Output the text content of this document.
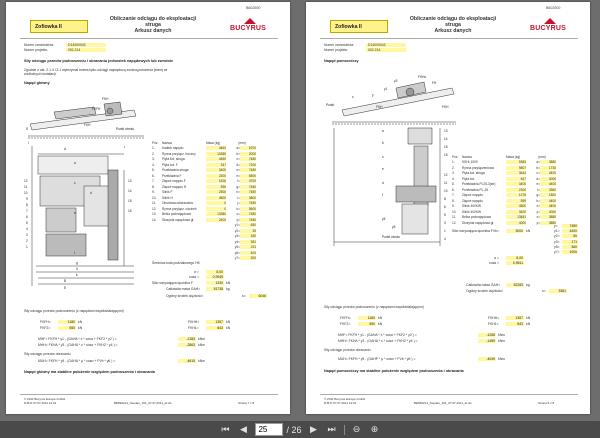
B602500
Zofiowka II
Obliczanie odciągu do eksploatacji
struga
Arkusz danych	BUCYRUS
Numer zamówienia:	D14000043
Numer projektu:	002.214
Siły odciągu przeciw podnoszeniu i obracaniu jednostek napędowych lub zwrotnic
Zgodnie z ust. 2.1.4 i 3.1 wybrzymał trzeba tylko odciągi największą zmianą położenia jednej ze wzdłużnych instalacji:
Napęd główny
FKH
FKH
FKFH
Punkt obrotu
S
A
B
E
l
r
a
c
d
e
f
g
h
k
12
11
10
9
8
7
6
5
4
3
2
1
13
14
15
16
Poz.	Nazwa	Masa (kg)	(mm)
1.	Kadłub napędu	4460	a=	6700
2.	Rynna przyłącz. boczny	10385	b=	2000
3.	Płyta kol. struga	4460	c=	7480
4.	Płyta kol. F	347	d=	7200
5.	Przekładnia struga	3400	e=	7480
6.	Przekładnia F	2300	e=	6500
7.	Złącze napędu F	1626	f=	4700
8.	Złącze napędu H	595	g=	7480
9.	Silnik F	2500	h=	7480
10.	Silnik H	4500	i=	3800
11.	Obudowa odwracalna	0	j=	7480
12.	Rynna przyłącz. odcinek	0	k=	5600
13.	Belka podnapędowa	13380	x=	7480
14.	Skrzynia napędowa gł.	2400	y=	7480
y1=	650
y2=	35
y3=	180
y4=	381
y5=	231
y6=	400
y7=	300
Średnica koła podziałowego HK
α =	8,00
cosα =	0,9945
Siła rozrywająca łącznika F	1330 kN
Całkowita masa GAH=	51738 kg
Ogólny środek ciężkości	s=	6046
Siły odciągu przeciw podnoszeniu (z napędami współdziałającymi)
Siły odciągu przeciw obracaniu
MUH= FKFH * y5 - (GAHA * μ * cosα + FVb * y6 ) =	-4615 kNm
Napęd główny ma stabilne położenie względem podnoszenia i obracania
© 2011 Bucyrus Europe GmbH
D-B-D 07.07.2011 14:01	BE590214_Ateplan_161_07.07.2011_dt.xls	Strona 7 z 8
FKFH=	1180 kN	FKHH=	1357 kN
FKFZ=	550 kN	FKH1=	843 kN
MHF= FKFH * y1 - (GAHA * x * cosα + FKF2 * y2 ) =	-2183 kNm
MHH= FKHA * y3 - (GAHA * x * cosα + FKH2 * y4 ) =	-2863 kNm
B602500
Zofiowka II
Obliczanie odciągu do eksploatacji
struga
Arkusz danych	BUCYRUS
Numer zamówienia:	D14000043
Numer projektu:	002.214
Napęd pomocniczy
Punkt
y
y1
y3
x
FKH
FKHz
FH
FKH
a
b
c
e
d
f
Punkt obrotu
y5
y6
13
14
15
16
12
11
10
8
6
5
3
1
4
Poz.	Nazwa	Masa (kg)	(mm)
1.	KSHI-1000	5383	a=	3880
2.	Rynna przyłączeniowa	9807	b=	1730
3.	Płyta kol. struga	3644	c=	4400
4.	Płyta kol.	547	d=	4000
5.	Przekładnia PL25-3(str)	3400	e=	4400
6.	Przekładnia PL-25	2300	f=	4360
7.	Złącze napędu	1276	g=	1800
8.	Złącze napędu	595	h=	4400
9.	Silnik 400KW	4500	x=	4400
10.	Silnik 400KW	3400	y=	4000
11.	Belka podnapędowa	13481	x=	3880
12.	Skrzynia napędowa gł.	4000	y=	3880
Siła rozrywająca łącznika FVb=	3000 kN
α =	8,00
cosα =	0,9611
Całkowita masa GAH=	52283 kg
Ogólny środek ciężkości	s=	3381
Siły odciągu przeciw podnoszeniu (z napędami współdziałającymi)
Siły odciągu przeciw obracaniu
MUH= FKFH * y5 - (GAHP * μ * cosα + FVb * y6 ) =	-4049 kNm
Napęd pomocniczy ma stabilne położenie względem podnoszenia i obracania
© 2011 Bucyrus Europe GmbH
D-B-D 07.07.2011 14:01	BE590214_Ateplan_161_07.07.2011_dt.xls	Strona 8 z 8
FKFH=	1180 kN	FKHH=	1357 kN
FKFZ=	550 kN	FKH1=	843 kN
MHF= FKFH * y1 - (GAHA * x * cosα + FKF2 * y2 ) =	-1268 kNm
MHH= FKHA * y3 - (GAHA * x * cosα + FKH2 * y4 ) =	-1459 kNm
y=	7480
y1=	4400
y2=	50
y3=	171
y5=	360
y7=	1000
⏮ ◀
25	/ 26 ▶ ⏭ ⊖ ⊕
